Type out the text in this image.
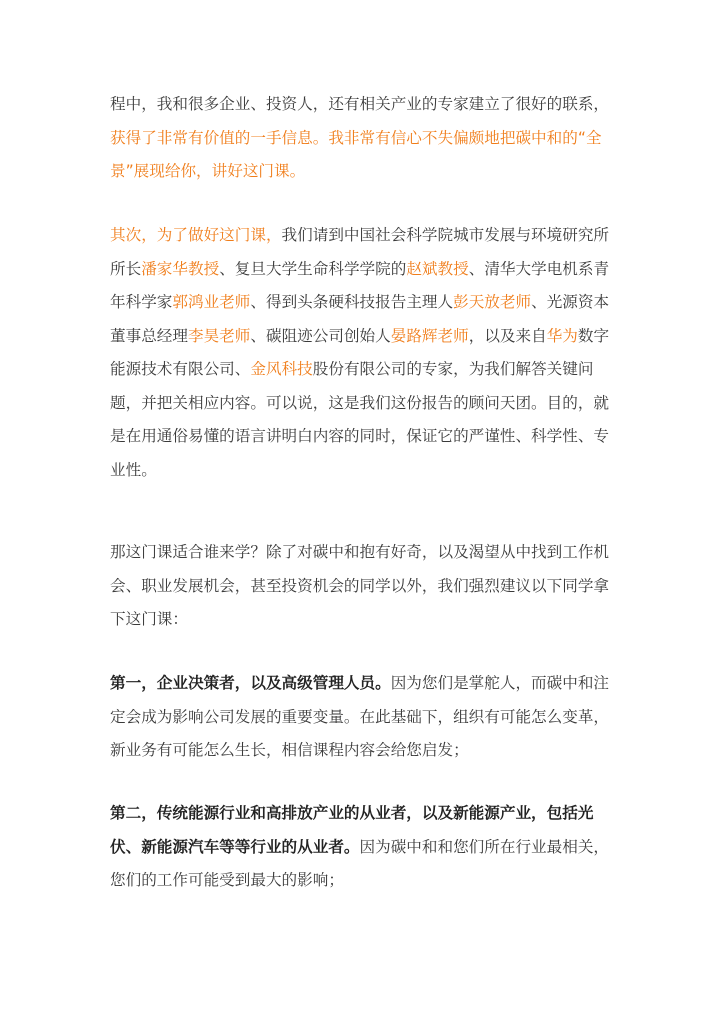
程中，我和很多企业、投资人，还有相关产业的专家建立了很好的联系，获得了非常有价值的一手信息。我非常有信心不失偏颇地把碳中和的“全景”展现给你，讲好这门课。

其次，为了做好这门课，我们请到中国社会科学院城市发展与环境研究所所长潘家华教授、复旦大学生命科学学院的赵斌教授、清华大学电机系青年科学家郭鸿业老师、得到头条硬科技报告主理人彭天放老师、光源资本董事总经理李昊老师、碳阻迹公司创始人晏路辉老师，以及来自华为数字能源技术有限公司、金风科技股份有限公司的专家，为我们解答关键问题，并把关相应内容。可以说，这是我们这份报告的顾问天团。目的，就是在用通俗易懂的语言讲明白内容的同时，保证它的严谨性、科学性、专业性。

那这门课适合谁来学？除了对碳中和抱有好奇，以及渴望从中找到工作机会、职业发展机会，甚至投资机会的同学以外，我们强烈建议以下同学拿下这门课：

第一，企业决策者，以及高级管理人员。因为您们是掌舵人，而碳中和注定会成为影响公司发展的重要变量。在此基础下，组织有可能怎么变革，新业务有可能怎么生长，相信课程内容会给您启发；

第二，传统能源行业和高排放产业的从业者，以及新能源产业，包括光伏、新能源汽车等等行业的从业者。因为碳中和和您们所在行业最相关，您们的工作可能受到最大的影响；
